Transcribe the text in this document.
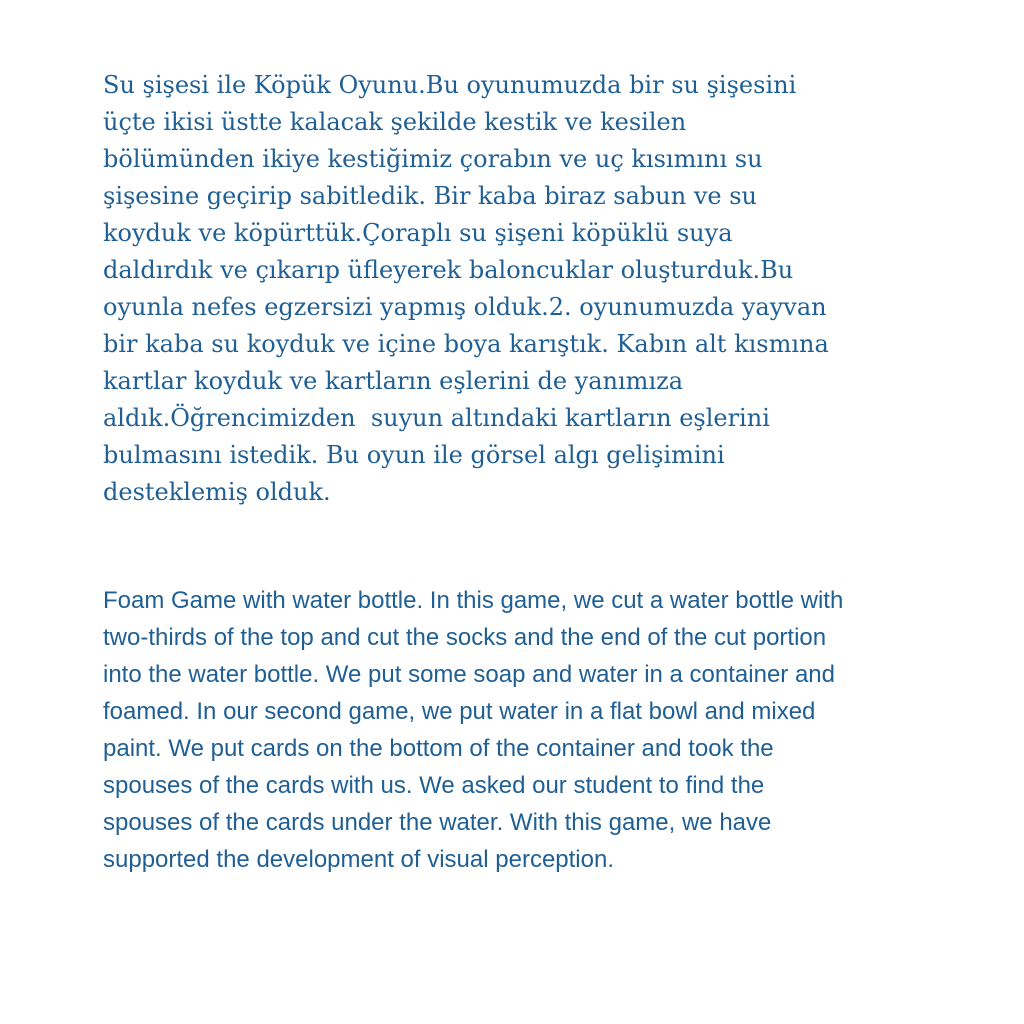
Su şişesi ile Köpük Oyunu.Bu oyunumuzda bir su şişesini
üçte ikisi üstte kalacak şekilde kestik ve kesilen
bölümünden ikiye kestiğimiz çorabın ve uç kısımını su
şişesine geçirip sabitledik. Bir kaba biraz sabun ve su
koyduk ve köpürttük.Çoraplı su şişeni köpüklü suya
daldırdık ve çıkarıp üfleyerek baloncuklar oluşturduk.Bu
oyunla nefes egzersizi yapmış olduk.2. oyunumuzda yayvan
bir kaba su koyduk ve içine boya karıştık. Kabın alt kısmına
kartlar koyduk ve kartların eşlerini de yanımıza
aldık.Öğrencimizden  suyun altındaki kartların eşlerini
bulmasını istedik. Bu oyun ile görsel algı gelişimini
desteklemiş olduk.

Foam Game with water bottle. In this game, we cut a water bottle with
two-thirds of the top and cut the socks and the end of the cut portion
into the water bottle. We put some soap and water in a container and
foamed. In our second game, we put water in a flat bowl and mixed
paint. We put cards on the bottom of the container and took the
spouses of the cards with us. We asked our student to find the
spouses of the cards under the water. With this game, we have
supported the development of visual perception.
